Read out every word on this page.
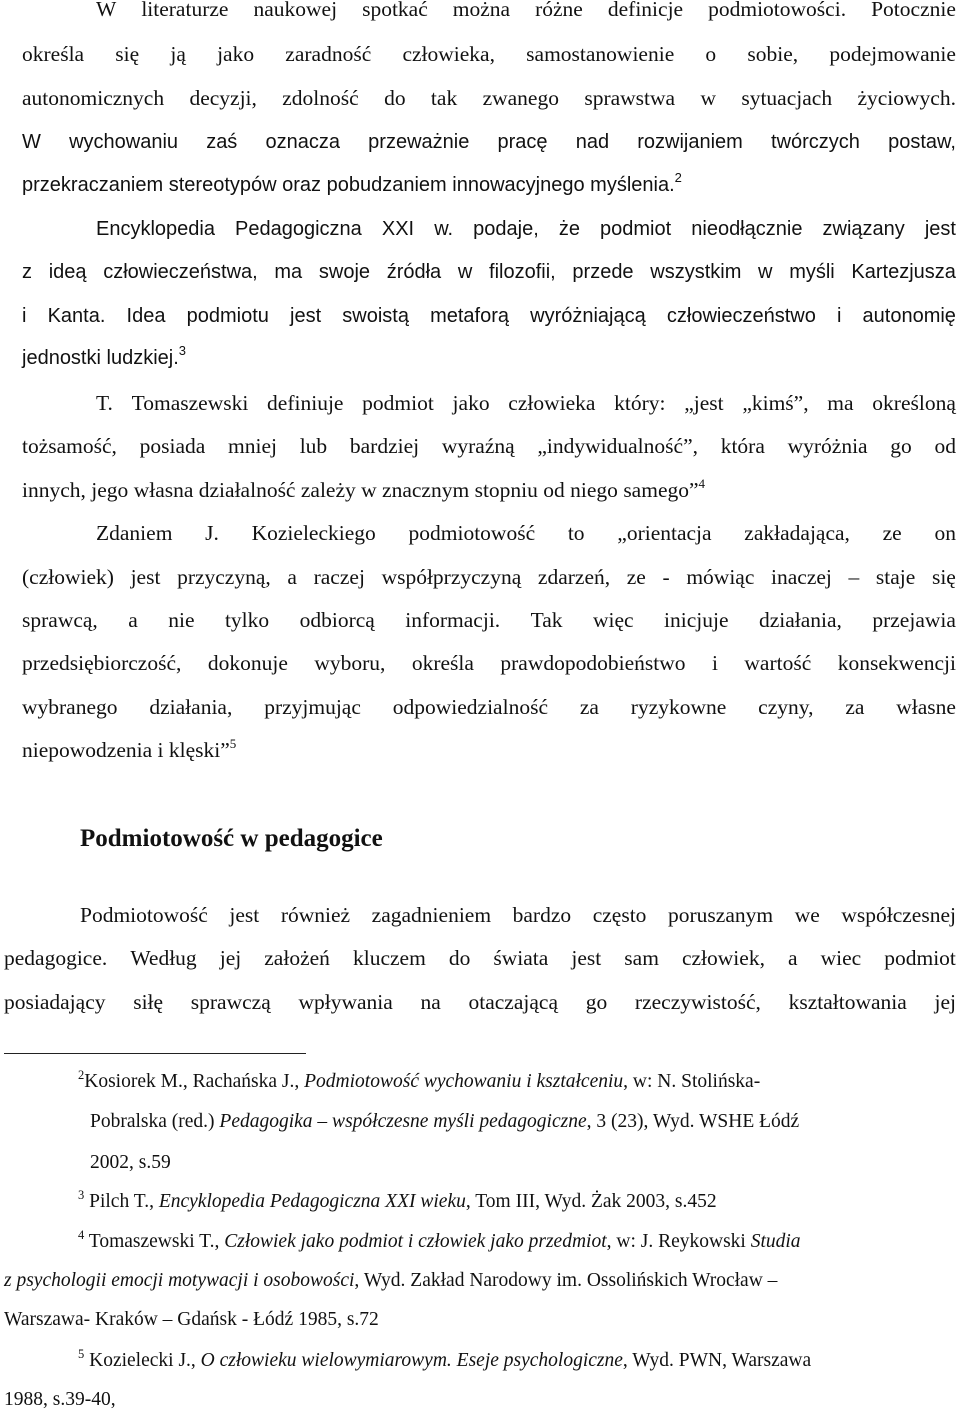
W literaturze naukowej spotkać można różne definicje podmiotowości. Potocznie
określa się ją jako zaradność człowieka, samostanowienie o sobie, podejmowanie
autonomicznych decyzji, zdolność do tak zwanego sprawstwa w sytuacjach życiowych.
W wychowaniu zaś oznacza przeważnie pracę nad rozwijaniem twórczych postaw,
przekraczaniem stereotypów oraz pobudzaniem innowacyjnego myślenia.$^2$
Encyklopedia Pedagogiczna XXI w. podaje, że podmiot nieodłącznie związany jest
z ideą człowieczeństwa, ma swoje źródła w filozofii, przede wszystkim w myśli Kartezjusza
i Kanta. Idea podmiotu jest swoistą metaforą wyróżniającą człowieczeństwo i autonomię
jednostki ludzkiej.$^3$
T. Tomaszewski definiuje podmiot jako człowieka który: „jest „kimś”, ma określoną
tożsamość, posiada mniej lub bardziej wyraźną „indywidualność”, która wyróżnia go od
innych, jego własna działalność zależy w znacznym stopniu od niego samego”$^4$
Zdaniem J. Kozieleckiego podmiotowość to „orientacja zakładająca, ze on
(człowiek) jest przyczyną, a raczej współprzyczyną zdarzeń, ze - mówiąc inaczej – staje się
sprawcą, a nie tylko odbiorcą informacji. Tak więc inicjuje działania, przejawia
przedsiębiorczość, dokonuje wyboru, określa prawdopodobieństwo i wartość konsekwencji
wybranego działania, przyjmując odpowiedzialność za ryzykowne czyny, za własne
niepowodzenia i klęski”$^5$
Podmiotowość w pedagogice
Podmiotowość jest również zagadnieniem bardzo często poruszanym we współczesnej
pedagogice. Według jej założeń kluczem do świata jest sam człowiek, a wiec podmiot
posiadający siłę sprawczą wpływania na otaczającą go rzeczywistość, kształtowania jej
$^2$Kosiorek M., Rachańska J., Podmiotowość wychowaniu i kształceniu, w: N. Stolińska-
Pobralska (red.) Pedagogika – współczesne myśli pedagogiczne, 3 (23), Wyd. WSHE Łódź
2002, s.59
$^3$ Pilch T., Encyklopedia Pedagogiczna XXI wieku, Tom III, Wyd. Żak 2003, s.452
$^4$ Tomaszewski T., Człowiek jako podmiot i człowiek jako przedmiot, w: J. Reykowski Studia
z psychologii emocji motywacji i osobowości, Wyd. Zakład Narodowy im. Ossolińskich Wrocław –
Warszawa- Kraków – Gdańsk - Łódź 1985, s.72
$^5$ Kozielecki J., O człowieku wielowymiarowym. Eseje psychologiczne, Wyd. PWN, Warszawa
1988, s.39-40,
